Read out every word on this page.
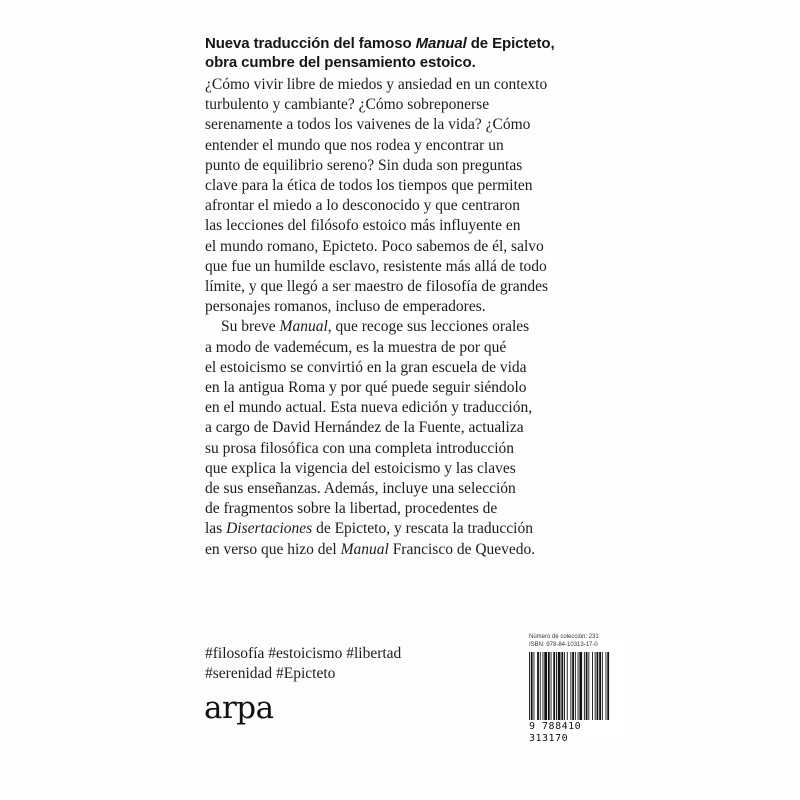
Nueva traducción del famoso Manual de Epicteto,
obra cumbre del pensamiento estoico.

¿Cómo vivir libre de miedos y ansiedad en un contexto
turbulento y cambiante? ¿Cómo sobreponerse
serenamente a todos los vaivenes de la vida? ¿Cómo
entender el mundo que nos rodea y encontrar un
punto de equilibrio sereno? Sin duda son preguntas
clave para la ética de todos los tiempos que permiten
afrontar el miedo a lo desconocido y que centraron
las lecciones del filósofo estoico más influyente en
el mundo romano, Epicteto. Poco sabemos de él, salvo
que fue un humilde esclavo, resistente más allá de todo
límite, y que llegó a ser maestro de filosofía de grandes
personajes romanos, incluso de emperadores.

Su breve Manual, que recoge sus lecciones orales
a modo de vademécum, es la muestra de por qué
el estoicismo se convirtió en la gran escuela de vida
en la antigua Roma y por qué puede seguir siéndolo
en el mundo actual. Esta nueva edición y traducción,
a cargo de David Hernández de la Fuente, actualiza
su prosa filosófica con una completa introducción
que explica la vigencia del estoicismo y las claves
de sus enseñanzas. Además, incluye una selección
de fragmentos sobre la libertad, procedentes de
las Disertaciones de Epicteto, y rescata la traducción
en verso que hizo del Manual Francisco de Quevedo.

#filosofía #estoicismo #libertad
#serenidad #Epicteto
arpa
Número de colección: 231
ISBN: 978-84-10313-17-0
9 788410 313170
